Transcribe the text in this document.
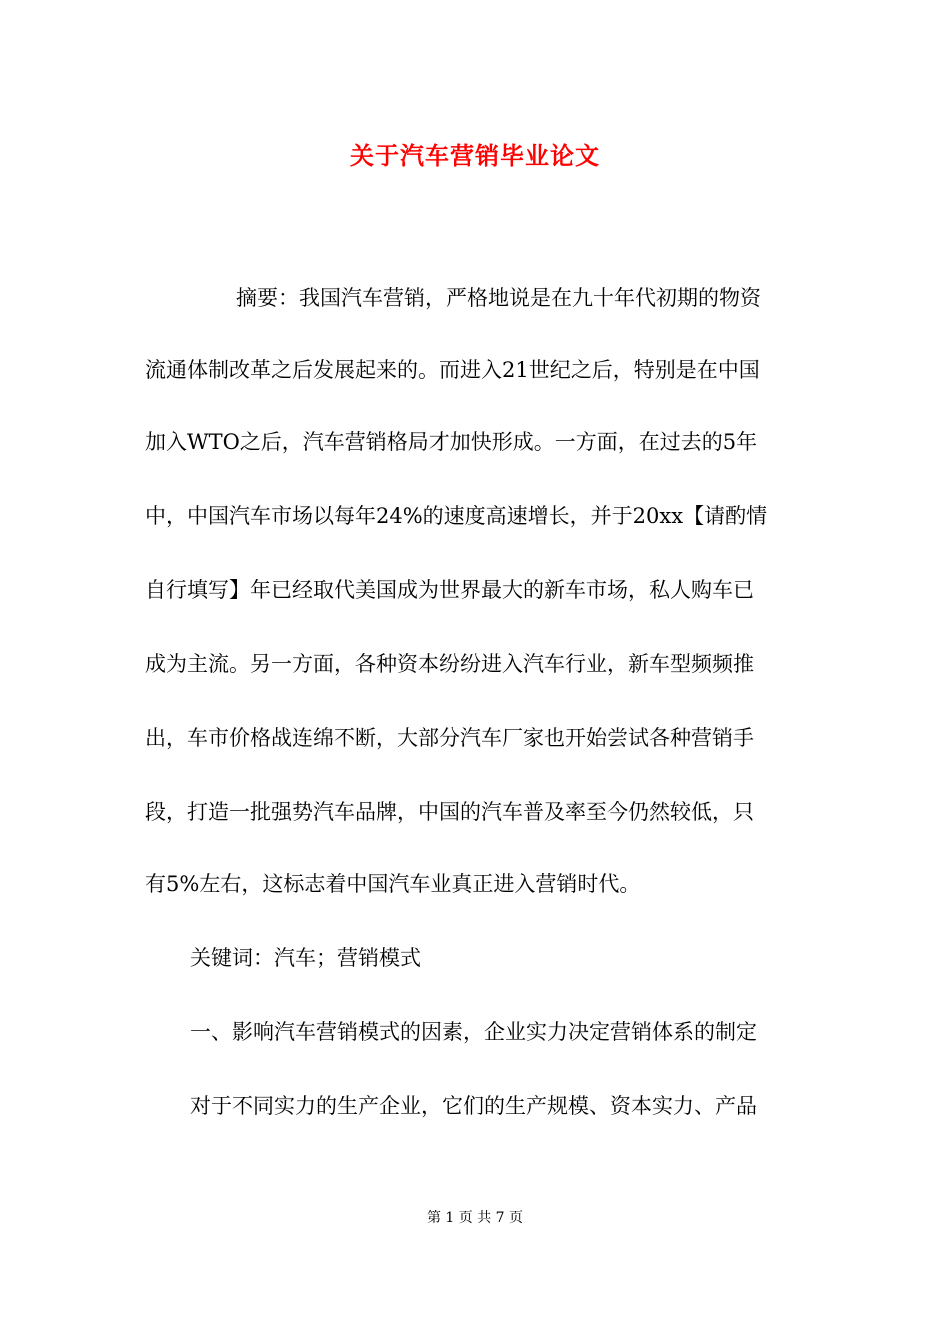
关于汽车营销毕业论文

摘要：我国汽车营销，严格地说是在九十年代初期的物资

流通体制改革之后发展起来的。而进入21世纪之后，特别是在中国

加入WTO之后，汽车营销格局才加快形成。一方面，在过去的5年

中，中国汽车市场以每年24%的速度高速增长，并于20xx【请酌情

自行填写】年已经取代美国成为世界最大的新车市场，私人购车已

成为主流。另一方面，各种资本纷纷进入汽车行业，新车型频频推

出，车市价格战连绵不断，大部分汽车厂家也开始尝试各种营销手

段，打造一批强势汽车品牌，中国的汽车普及率至今仍然较低，只

有5%左右，这标志着中国汽车业真正进入营销时代。

关键词：汽车；营销模式

一、影响汽车营销模式的因素，企业实力决定营销体系的制定

对于不同实力的生产企业，它们的生产规模、资本实力、产品

第 1 页 共 7 页
